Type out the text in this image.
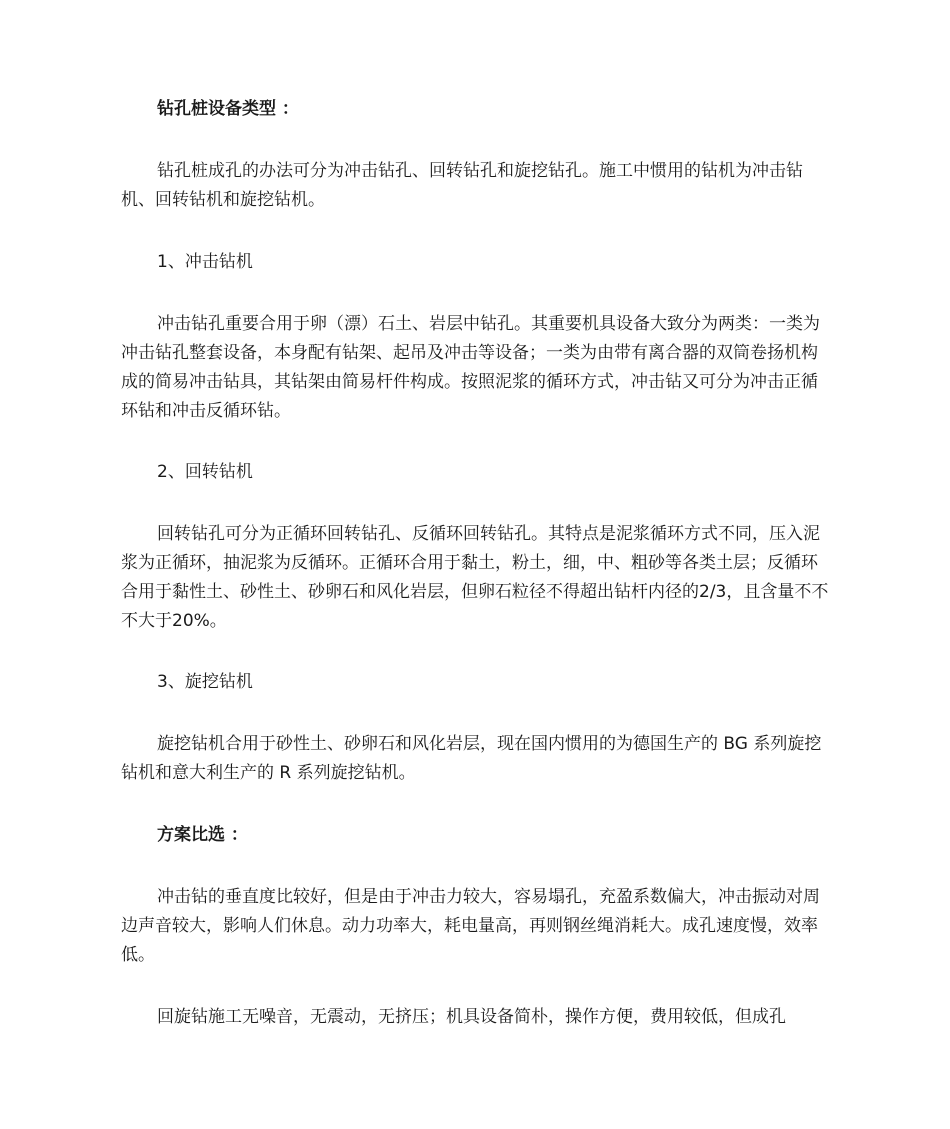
钻孔桩设备类型 ：

钻孔桩成孔的办法可分为冲击钻孔、回转钻孔和旋挖钻孔。施工中惯用的钻机为冲击钻机、回转钻机和旋挖钻机。

1、冲击钻机

冲击钻孔重要合用于卵（漂）石土、岩层中钻孔。其重要机具设备大致分为两类：一类为冲击钻孔整套设备，本身配有钻架、起吊及冲击等设备；一类为由带有离合器的双筒卷扬机构成的简易冲击钻具，其钻架由简易杆件构成。按照泥浆的循环方式，冲击钻又可分为冲击正循环钻和冲击反循环钻。

2、回转钻机

回转钻孔可分为正循环回转钻孔、反循环回转钻孔。其特点是泥浆循环方式不同，压入泥浆为正循环，抽泥浆为反循环。正循环合用于黏土，粉土，细，中、粗砂等各类土层；反循环合用于黏性土、砂性土、砂卵石和风化岩层，但卵石粒径不得超出钻杆内径的2/3，且含量不不不大于20%。

3、旋挖钻机

旋挖钻机合用于砂性土、砂卵石和风化岩层，现在国内惯用的为德国生产的 BG 系列旋挖钻机和意大利生产的 R 系列旋挖钻机。

方案比选 ：

冲击钻的垂直度比较好，但是由于冲击力较大，容易塌孔，充盈系数偏大，冲击振动对周边声音较大，影响人们休息。动力功率大，耗电量高，再则钢丝绳消耗大。成孔速度慢，效率低。

回旋钻施工无噪音，无震动，无挤压；机具设备简朴，操作方便，费用较低，但成孔
